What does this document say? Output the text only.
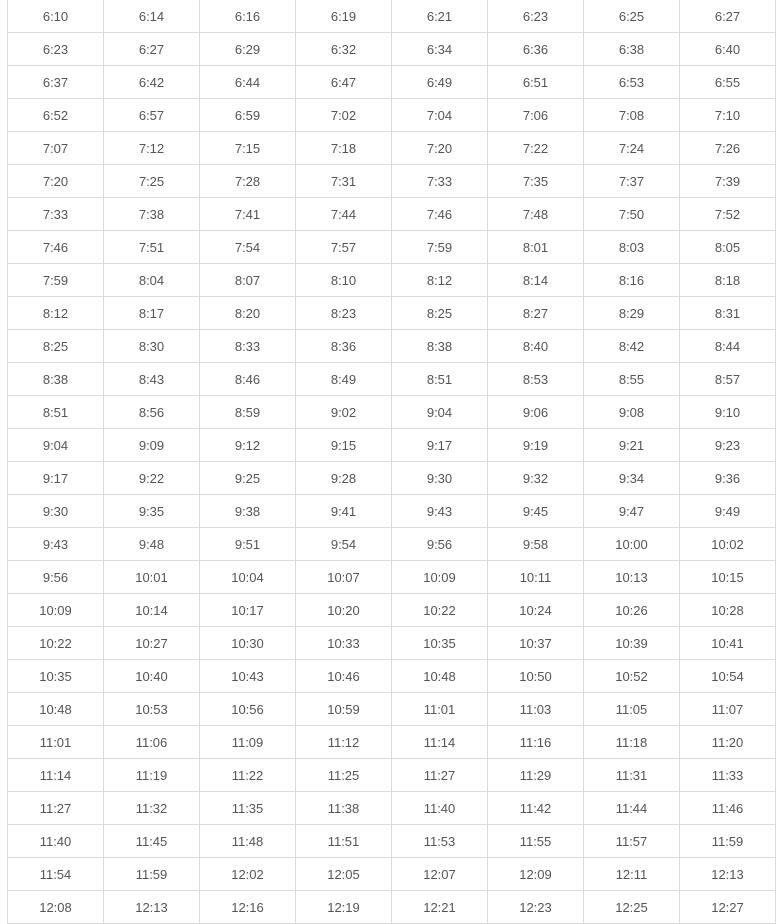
6:10	6:14	6:16	6:19	6:21	6:23	6:25	6:27
6:23	6:27	6:29	6:32	6:34	6:36	6:38	6:40
6:37	6:42	6:44	6:47	6:49	6:51	6:53	6:55
6:52	6:57	6:59	7:02	7:04	7:06	7:08	7:10
7:07	7:12	7:15	7:18	7:20	7:22	7:24	7:26
7:20	7:25	7:28	7:31	7:33	7:35	7:37	7:39
7:33	7:38	7:41	7:44	7:46	7:48	7:50	7:52
7:46	7:51	7:54	7:57	7:59	8:01	8:03	8:05
7:59	8:04	8:07	8:10	8:12	8:14	8:16	8:18
8:12	8:17	8:20	8:23	8:25	8:27	8:29	8:31
8:25	8:30	8:33	8:36	8:38	8:40	8:42	8:44
8:38	8:43	8:46	8:49	8:51	8:53	8:55	8:57
8:51	8:56	8:59	9:02	9:04	9:06	9:08	9:10
9:04	9:09	9:12	9:15	9:17	9:19	9:21	9:23
9:17	9:22	9:25	9:28	9:30	9:32	9:34	9:36
9:30	9:35	9:38	9:41	9:43	9:45	9:47	9:49
9:43	9:48	9:51	9:54	9:56	9:58	10:00	10:02
9:56	10:01	10:04	10:07	10:09	10:11	10:13	10:15
10:09	10:14	10:17	10:20	10:22	10:24	10:26	10:28
10:22	10:27	10:30	10:33	10:35	10:37	10:39	10:41
10:35	10:40	10:43	10:46	10:48	10:50	10:52	10:54
10:48	10:53	10:56	10:59	11:01	11:03	11:05	11:07
11:01	11:06	11:09	11:12	11:14	11:16	11:18	11:20
11:14	11:19	11:22	11:25	11:27	11:29	11:31	11:33
11:27	11:32	11:35	11:38	11:40	11:42	11:44	11:46
11:40	11:45	11:48	11:51	11:53	11:55	11:57	11:59
11:54	11:59	12:02	12:05	12:07	12:09	12:11	12:13
12:08	12:13	12:16	12:19	12:21	12:23	12:25	12:27
